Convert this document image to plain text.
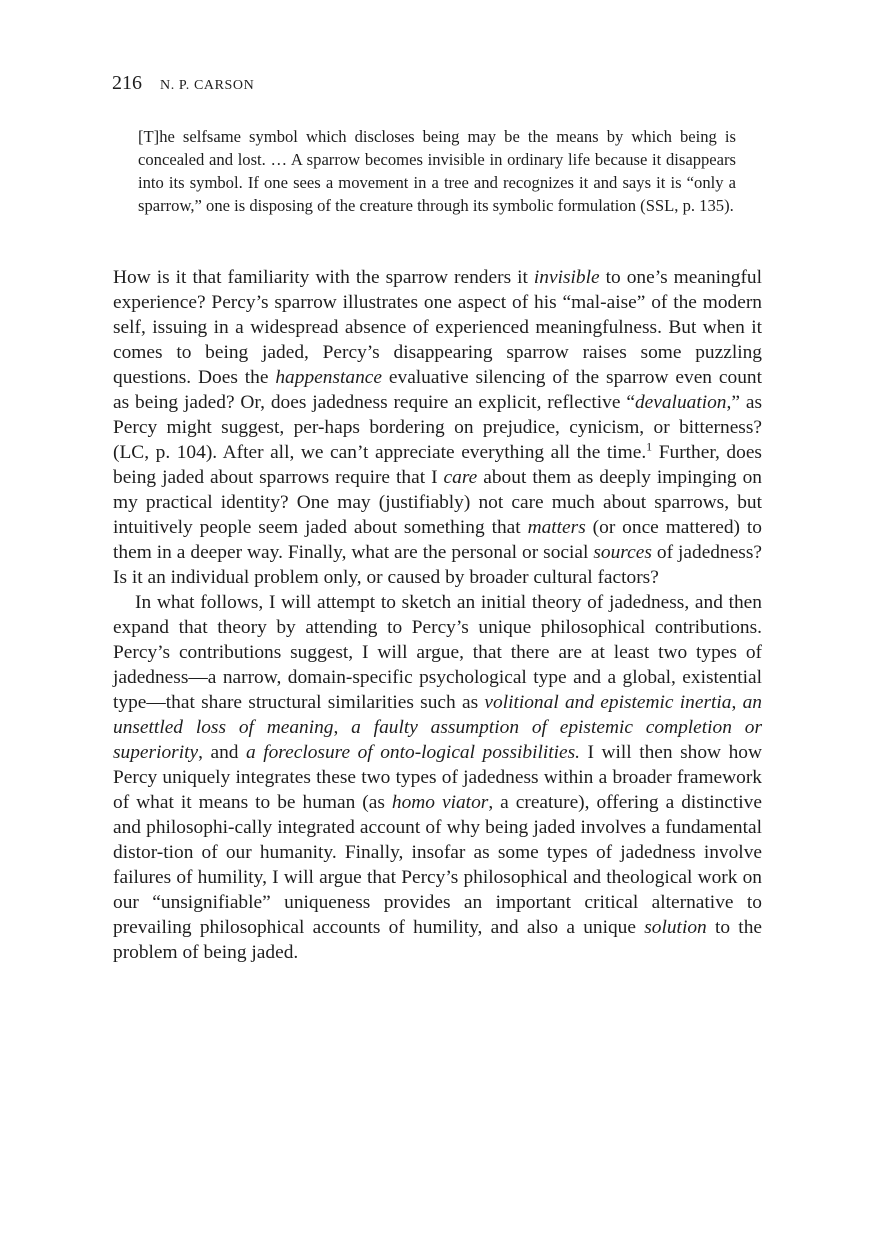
216 N. P. CARSON

[T]he selfsame symbol which discloses being may be the means by which being is concealed and lost. … A sparrow becomes invisible in ordinary life because it disappears into its symbol. If one sees a movement in a tree and recognizes it and says it is “only a sparrow,” one is disposing of the creature through its symbolic formulation (SSL, p. 135).

How is it that familiarity with the sparrow renders it invisible to one’s meaningful experience? Percy’s sparrow illustrates one aspect of his “mal-aise” of the modern self, issuing in a widespread absence of experienced meaningfulness. But when it comes to being jaded, Percy’s disappearing sparrow raises some puzzling questions. Does the happenstance evaluative silencing of the sparrow even count as being jaded? Or, does jadedness require an explicit, reflective “devaluation,” as Percy might suggest, per-haps bordering on prejudice, cynicism, or bitterness? (LC, p. 104). After all, we can’t appreciate everything all the time.$^1$ Further, does being jaded about sparrows require that I care about them as deeply impinging on my practical identity? One may (justifiably) not care much about sparrows, but intuitively people seem jaded about something that matters (or once mattered) to them in a deeper way. Finally, what are the personal or social sources of jadedness? Is it an individual problem only, or caused by broader cultural factors?

In what follows, I will attempt to sketch an initial theory of jadedness, and then expand that theory by attending to Percy’s unique philosophical contributions. Percy’s contributions suggest, I will argue, that there are at least two types of jadedness—a narrow, domain-specific psychological type and a global, existential type—that share structural similarities such as volitional and epistemic inertia, an unsettled loss of meaning, a faulty assumption of epistemic completion or superiority, and a foreclosure of onto-logical possibilities. I will then show how Percy uniquely integrates these two types of jadedness within a broader framework of what it means to be human (as homo viator, a creature), offering a distinctive and philosophi-cally integrated account of why being jaded involves a fundamental distor-tion of our humanity. Finally, insofar as some types of jadedness involve failures of humility, I will argue that Percy’s philosophical and theological work on our “unsignifiable” uniqueness provides an important critical alternative to prevailing philosophical accounts of humility, and also a unique solution to the problem of being jaded.
